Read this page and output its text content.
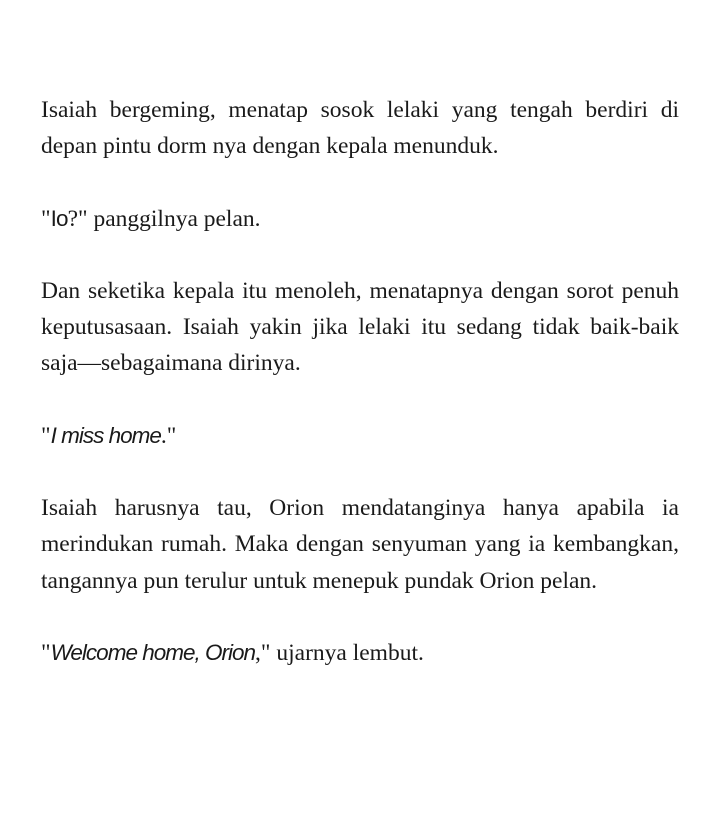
Isaiah bergeming, menatap sosok lelaki yang tengah berdiri di depan pintu dorm nya dengan kepala menunduk.

"Io?" panggilnya pelan.

Dan seketika kepala itu menoleh, menatapnya dengan sorot penuh keputusasaan. Isaiah yakin jika lelaki itu sedang tidak baik-baik saja—sebagaimana dirinya.

"I miss home."

Isaiah harusnya tau, Orion mendatanginya hanya apabila ia merindukan rumah. Maka dengan senyuman yang ia kembangkan, tangannya pun terulur untuk menepuk pundak Orion pelan.

"Welcome home, Orion," ujarnya lembut.
